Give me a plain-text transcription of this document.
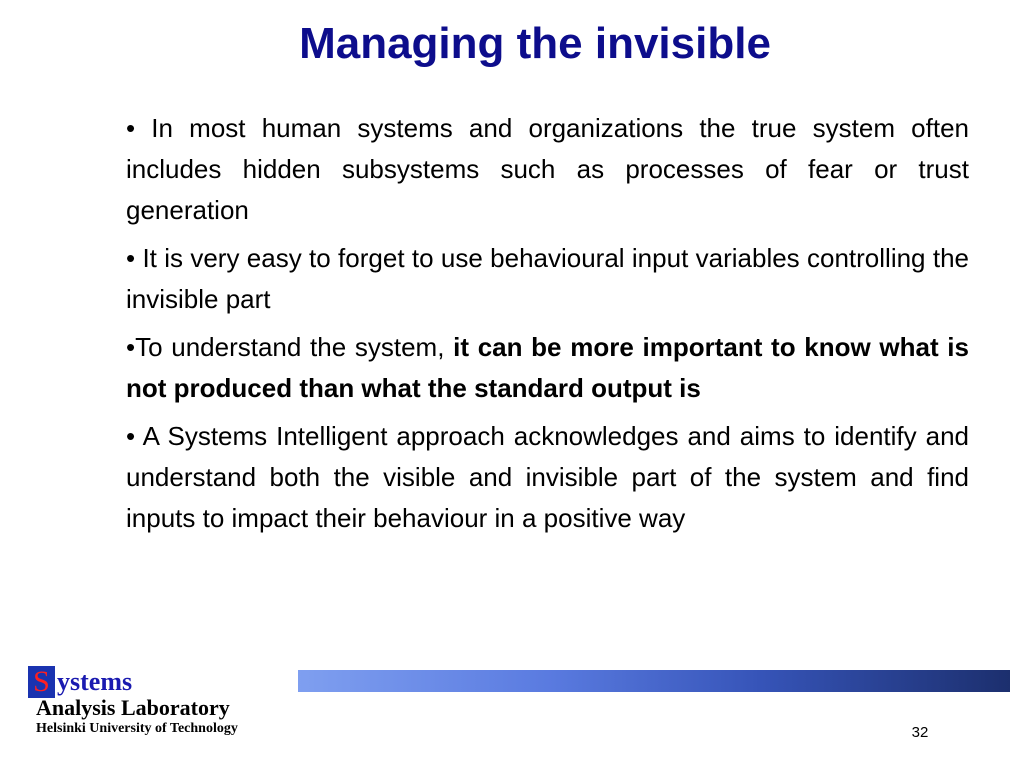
Managing the invisible
• In most human systems and organizations the true system often includes hidden subsystems such as processes of fear or trust generation
• It is very easy to forget to use behavioural input variables controlling the invisible part
•To understand the system, it can be more important to know what is not produced than what the standard output is
• A Systems Intelligent approach acknowledges and aims to identify and understand both the visible and invisible part of the system and find inputs to impact their behaviour in a positive way
S ystems
Analysis Laboratory
Helsinki University of Technology	32
